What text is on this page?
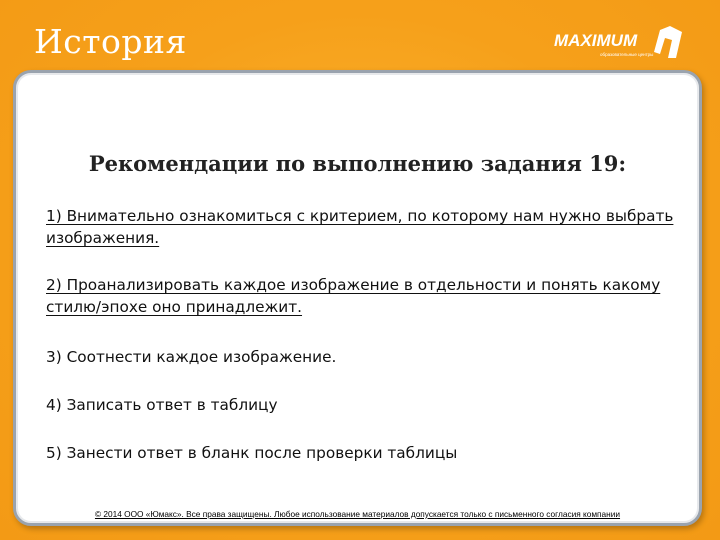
История	MAXIMUM
образовательные центры
Рекомендации по выполнению задания 19:
1) Внимательно ознакомиться с критерием, по которому нам нужно выбрать изображения.
2) Проанализировать каждое изображение в отдельности и понять какому стилю/эпохе оно принадлежит.
3) Соотнести каждое изображение.
4) Записать ответ в таблицу
5) Занести ответ в бланк после проверки таблицы
© 2014 ООО «Юмакс». Все права защищены. Любое использование материалов допускается только с письменного согласия компании
